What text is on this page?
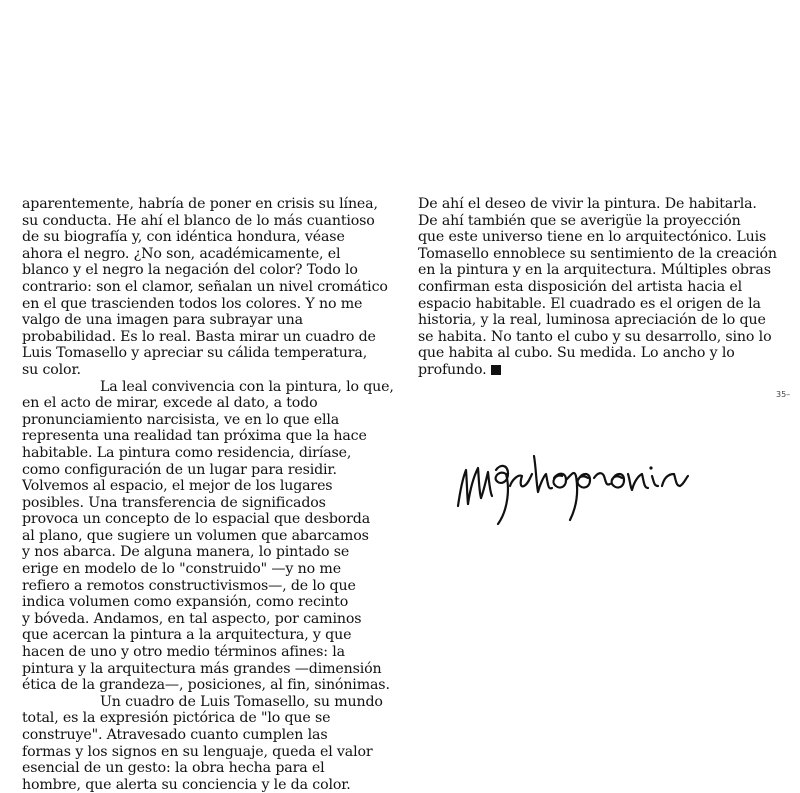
aparentemente, habría de poner en crisis su línea,
su conducta. He ahí el blanco de lo más cuantioso
de su biografía y, con idéntica hondura, véase
ahora el negro. ¿No son, académicamente, el
blanco y el negro la negación del color? Todo lo
contrario: son el clamor, señalan un nivel cromático
en el que trascienden todos los colores. Y no me
valgo de una imagen para subrayar una
probabilidad. Es lo real. Basta mirar un cuadro de
Luis Tomasello y apreciar su cálida temperatura,
su color.
La leal convivencia con la pintura, lo que,
en el acto de mirar, excede al dato, a todo
pronunciamiento narcisista, ve en lo que ella
representa una realidad tan próxima que la hace
habitable. La pintura como residencia, diríase,
como configuración de un lugar para residir.
Volvemos al espacio, el mejor de los lugares
posibles. Una transferencia de significados
provoca un concepto de lo espacial que desborda
al plano, que sugiere un volumen que abarcamos
y nos abarca. De alguna manera, lo pintado se
erige en modelo de lo "construido" —y no me
refiero a remotos constructivismos—, de lo que
indica volumen como expansión, como recinto
y bóveda. Andamos, en tal aspecto, por caminos
que acercan la pintura a la arquitectura, y que
hacen de uno y otro medio términos afines: la
pintura y la arquitectura más grandes —dimensión
ética de la grandeza—, posiciones, al fin, sinónimas.
Un cuadro de Luis Tomasello, su mundo
total, es la expresión pictórica de "lo que se
construye". Atravesado cuanto cumplen las
formas y los signos en su lenguaje, queda el valor
esencial de un gesto: la obra hecha para el
hombre, que alerta su conciencia y le da color.
De ahí el deseo de vivir la pintura. De habitarla.
De ahí también que se averigüe la proyección
que este universo tiene en lo arquitectónico. Luis
Tomasello ennoblece su sentimiento de la creación
en la pintura y en la arquitectura. Múltiples obras
confirman esta disposición del artista hacia el
espacio habitable. El cuadrado es el origen de la
historia, y la real, luminosa apreciación de lo que
se habita. No tanto el cubo y su desarrollo, sino lo
que habita al cubo. Su medida. Lo ancho y lo
profundo.
35–
